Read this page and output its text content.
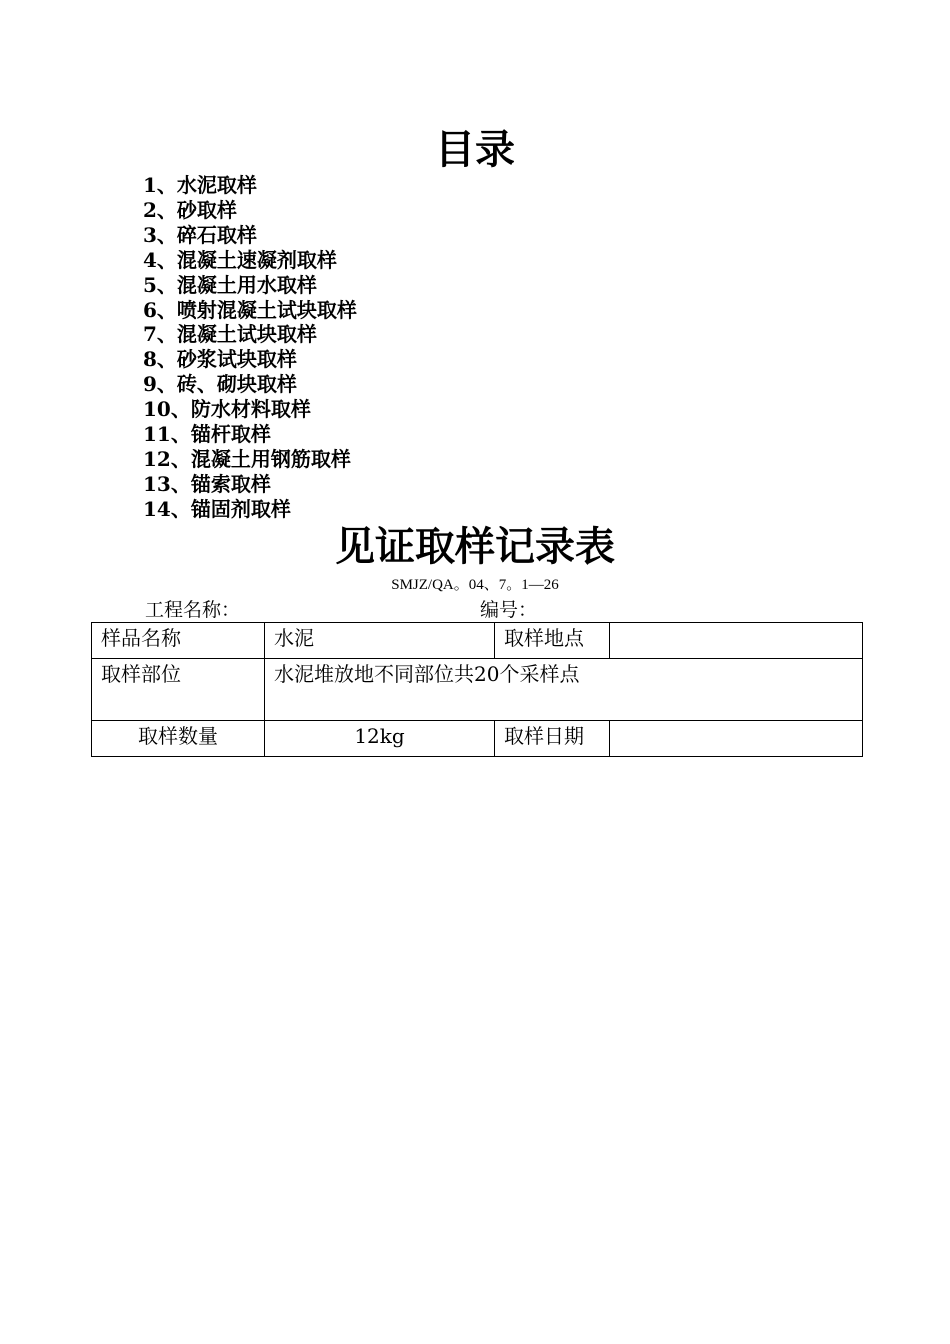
目录
1、水泥取样
2、砂取样
3、碎石取样
4、混凝土速凝剂取样
5、混凝土用水取样
6、喷射混凝土试块取样
7、混凝土试块取样
8、砂浆试块取样
9、砖、砌块取样
10、防水材料取样
11、锚杆取样
12、混凝土用钢筋取样
13、锚索取样
14、锚固剂取样
见证取样记录表
SMJZ/QA。04、7。1—26
工程名称：	编号：
样品名称	水泥	取样地点	
取样部位	水泥堆放地不同部位共20个采样点		
取样数量	12kg	取样日期	
